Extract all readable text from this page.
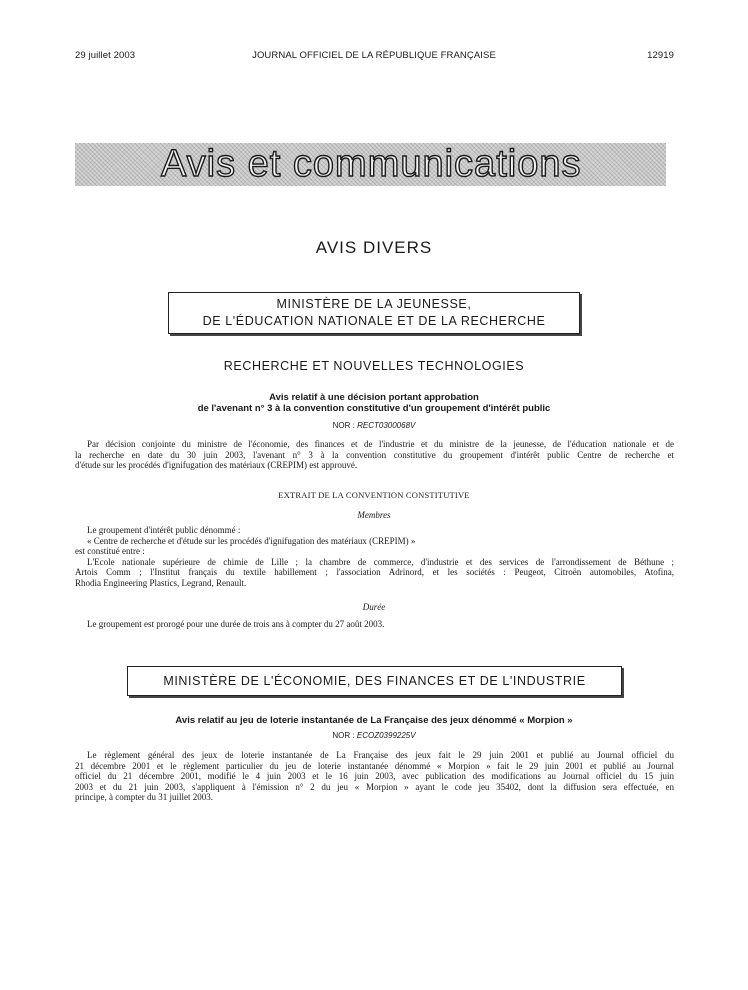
29 juillet 2003	JOURNAL OFFICIEL DE LA RÉPUBLIQUE FRANÇAISE	12919
Avis et communications
AVIS DIVERS
MINISTÈRE DE LA JEUNESSE,
DE L'ÉDUCATION NATIONALE ET DE LA RECHERCHE
RECHERCHE ET NOUVELLES TECHNOLOGIES
Avis relatif à une décision portant approbation
de l'avenant n° 3 à la convention constitutive d'un groupement d'intérêt public
NOR : RECT0300068V
Par décision conjointe du ministre de l'économie, des finances et de l'industrie et du ministre de la jeunesse, de l'éducation nationale et de
la recherche en date du 30 juin 2003, l'avenant n° 3 à la convention constitutive du groupement d'intérêt public Centre de recherche et
d'étude sur les procédés d'ignifugation des matériaux (CREPIM) est approuvé.
EXTRAIT DE LA CONVENTION CONSTITUTIVE
Membres
Le groupement d'intérêt public dénommé :
« Centre de recherche et d'étude sur les procédés d'ignifugation des matériaux (CREPIM) »
est constitué entre :
L'Ecole nationale supérieure de chimie de Lille ; la chambre de commerce, d'industrie et des services de l'arrondissement de Béthune ;
Artois Comm ; l'Institut français du textile habillement ; l'association Adrinord, et les sociétés : Peugeot, Citroën automobiles, Atofina,
Rhodia Engineering Plastics, Legrand, Renault.
Durée
Le groupement est prorogé pour une durée de trois ans à compter du 27 août 2003.
MINISTÈRE DE L'ÉCONOMIE, DES FINANCES ET DE L'INDUSTRIE
Avis relatif au jeu de loterie instantanée de La Française des jeux dénommé « Morpion »
NOR : ECOZ0399225V
Le règlement général des jeux de loterie instantanée de La Française des jeux fait le 29 juin 2001 et publié au Journal officiel du
21 décembre 2001 et le règlement particulier du jeu de loterie instantanée dénommé « Morpion » fait le 29 juin 2001 et publié au Journal
officiel du 21 décembre 2001, modifié le 4 juin 2003 et le 16 juin 2003, avec publication des modifications au Journal officiel du 15 juin
2003 et du 21 juin 2003, s'appliquent à l'émission n° 2 du jeu « Morpion » ayant le code jeu 35402, dont la diffusion sera effectuée, en
principe, à compter du 31 juillet 2003.
